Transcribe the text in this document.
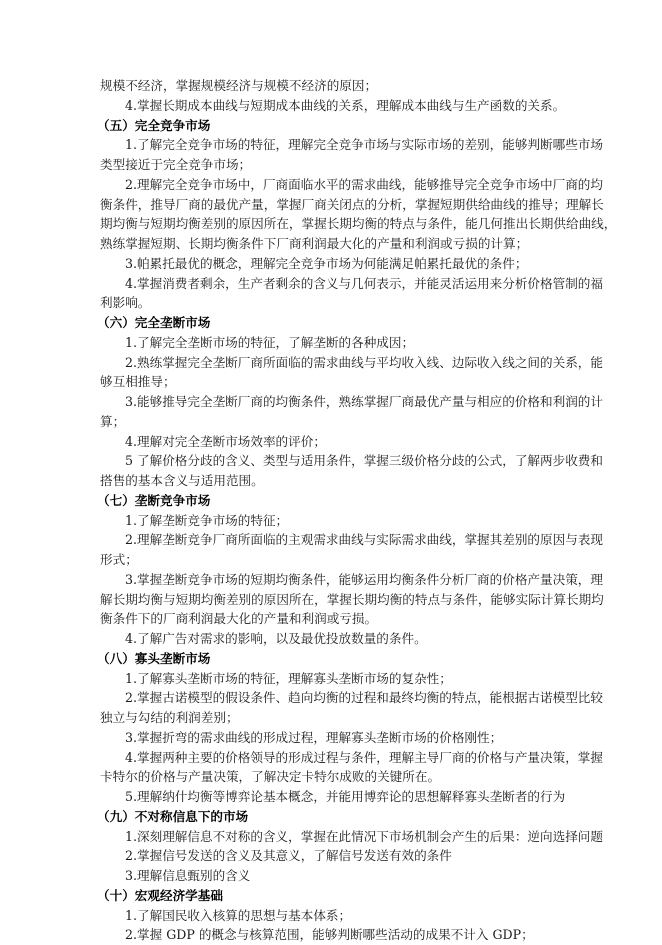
规模不经济，掌握规模经济与规模不经济的原因；
4.掌握长期成本曲线与短期成本曲线的关系，理解成本曲线与生产函数的关系。
（五）完全竞争市场
1.了解完全竞争市场的特征，理解完全竞争市场与实际市场的差别，能够判断哪些市场
类型接近于完全竞争市场；
2.理解完全竞争市场中，厂商面临水平的需求曲线，能够推导完全竞争市场中厂商的均
衡条件，推导厂商的最优产量，掌握厂商关闭点的分析，掌握短期供给曲线的推导；理解长
期均衡与短期均衡差别的原因所在，掌握长期均衡的特点与条件，能几何推出长期供给曲线，
熟练掌握短期、长期均衡条件下厂商利润最大化的产量和利润或亏损的计算；
3.帕累托最优的概念，理解完全竞争市场为何能满足帕累托最优的条件；
4.掌握消费者剩余，生产者剩余的含义与几何表示，并能灵活运用来分析价格管制的福
利影响。
（六）完全垄断市场
1.了解完全垄断市场的特征，了解垄断的各种成因；
2.熟练掌握完全垄断厂商所面临的需求曲线与平均收入线、边际收入线之间的关系，能
够互相推导；
3.能够推导完全垄断厂商的均衡条件，熟练掌握厂商最优产量与相应的价格和利润的计
算；
4.理解对完全垄断市场效率的评价；
5 了解价格分歧的含义、类型与适用条件，掌握三级价格分歧的公式，了解两步收费和
搭售的基本含义与适用范围。
（七）垄断竞争市场
1.了解垄断竞争市场的特征；
2.理解垄断竞争厂商所面临的主观需求曲线与实际需求曲线，掌握其差别的原因与表现
形式；
3.掌握垄断竞争市场的短期均衡条件，能够运用均衡条件分析厂商的价格产量决策，理
解长期均衡与短期均衡差别的原因所在，掌握长期均衡的特点与条件，能够实际计算长期均
衡条件下的厂商利润最大化的产量和利润或亏损。
4.了解广告对需求的影响，以及最优投放数量的条件。
（八）寡头垄断市场
1.了解寡头垄断市场的特征，理解寡头垄断市场的复杂性；
2.掌握古诺模型的假设条件、趋向均衡的过程和最终均衡的特点，能根据古诺模型比较
独立与勾结的利润差别；
3.掌握折弯的需求曲线的形成过程，理解寡头垄断市场的价格刚性；
4.掌握两种主要的价格领导的形成过程与条件，理解主导厂商的价格与产量决策，掌握
卡特尔的价格与产量决策，了解决定卡特尔成败的关键所在。
5.理解纳什均衡等博弈论基本概念，并能用博弈论的思想解释寡头垄断者的行为
（九）不对称信息下的市场
1.深刻理解信息不对称的含义，掌握在此情况下市场机制会产生的后果：逆向选择问题
2.掌握信号发送的含义及其意义，了解信号发送有效的条件
3.理解信息甄别的含义
（十）宏观经济学基础
1.了解国民收入核算的思想与基本体系；
2.掌握 GDP 的概念与核算范围，能够判断哪些活动的成果不计入 GDP；
